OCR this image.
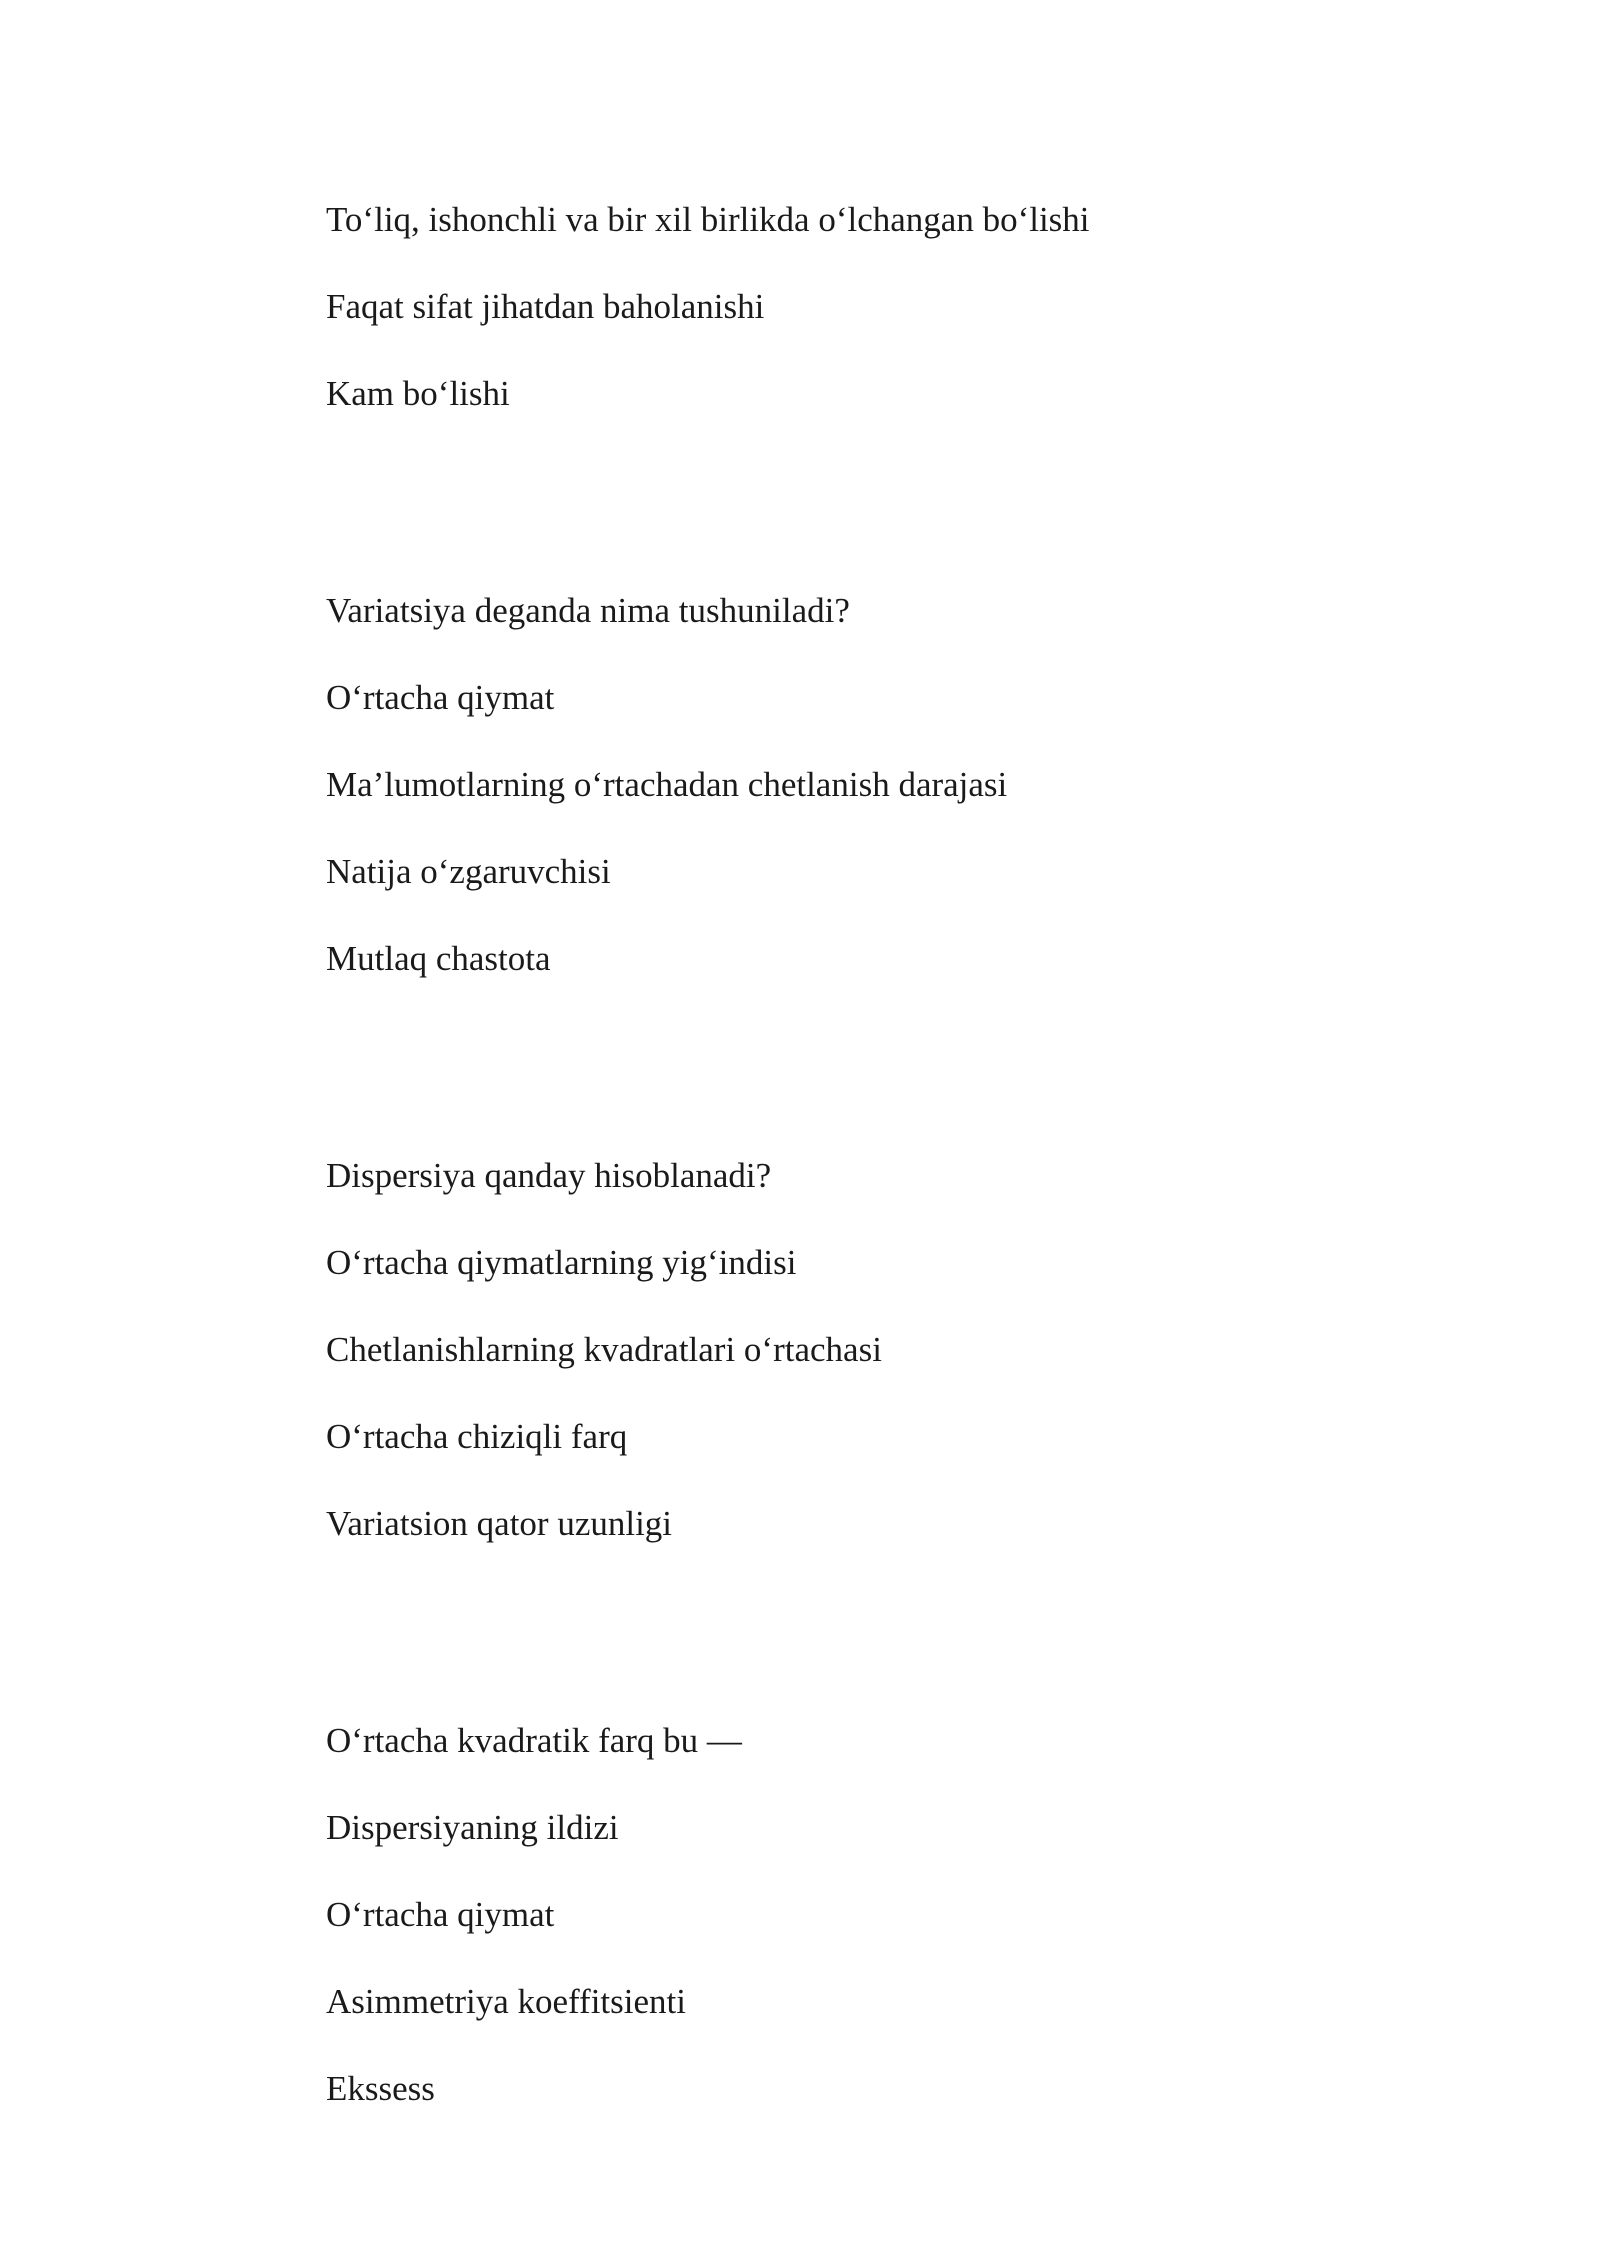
To‘liq, ishonchli va bir xil birlikda o‘lchangan bo‘lishi
Faqat sifat jihatdan baholanishi
Kam bo‘lishi
Variatsiya deganda nima tushuniladi?
O‘rtacha qiymat
Ma’lumotlarning o‘rtachadan chetlanish darajasi
Natija o‘zgaruvchisi
Mutlaq chastota
Dispersiya qanday hisoblanadi?
O‘rtacha qiymatlarning yig‘indisi
Chetlanishlarning kvadratlari o‘rtachasi
O‘rtacha chiziqli farq
Variatsion qator uzunligi
O‘rtacha kvadratik farq bu —
Dispersiyaning ildizi
O‘rtacha qiymat
Asimmetriya koeffitsienti
Ekssess
